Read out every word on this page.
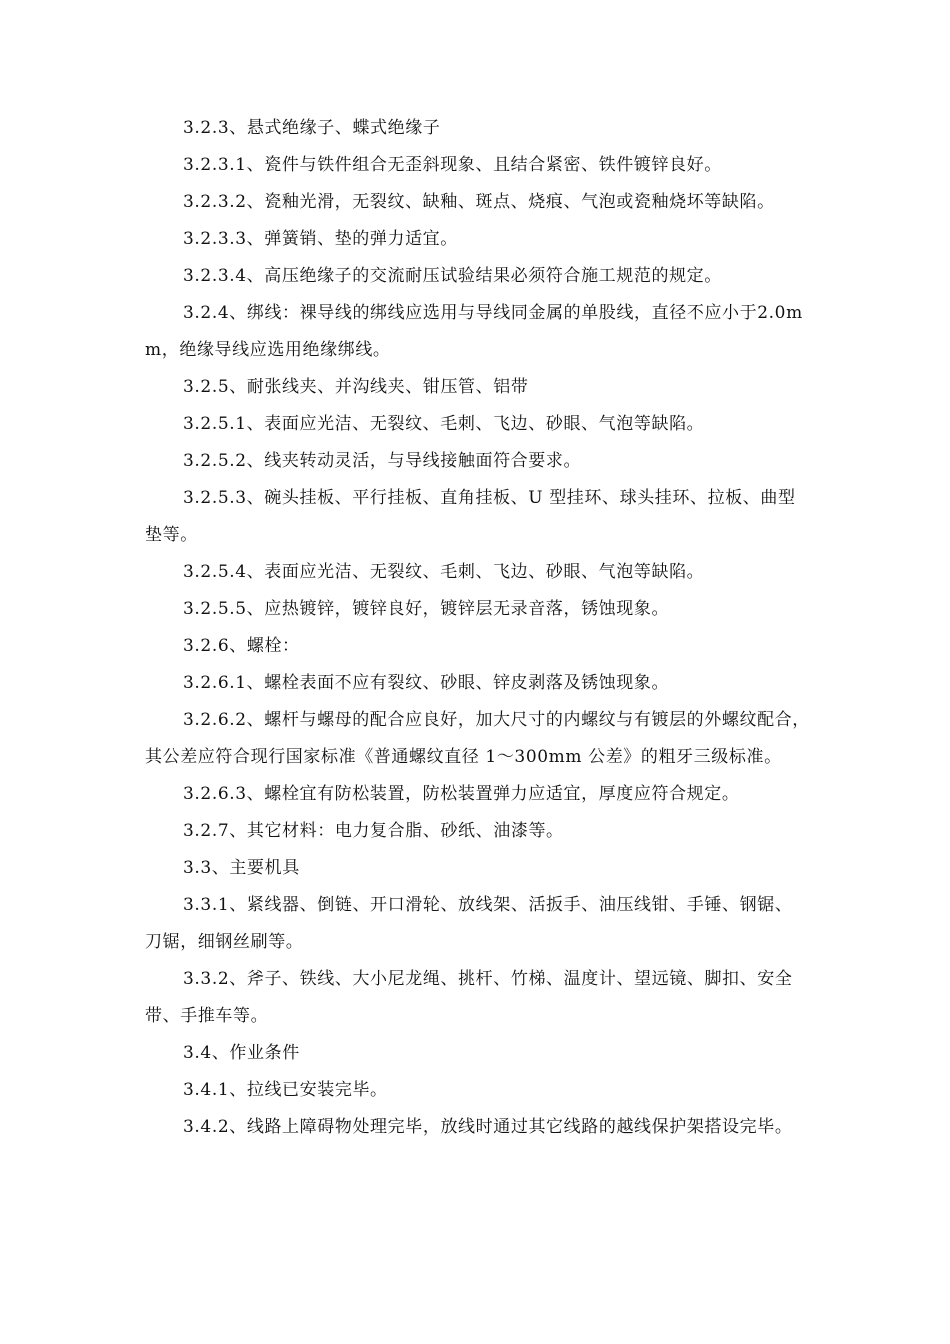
3.2.3、悬式绝缘子、蝶式绝缘子

3.2.3.1、瓷件与铁件组合无歪斜现象、且结合紧密、铁件镀锌良好。

3.2.3.2、瓷釉光滑，无裂纹、缺釉、斑点、烧痕、气泡或瓷釉烧坏等缺陷。

3.2.3.3、弹簧销、垫的弹力适宜。

3.2.3.4、高压绝缘子的交流耐压试验结果必须符合施工规范的规定。

3.2.4、绑线：裸导线的绑线应选用与导线同金属的单股线，直径不应小于2.0mm，绝缘导线应选用绝缘绑线。

3.2.5、耐张线夹、并沟线夹、钳压管、铝带

3.2.5.1、表面应光洁、无裂纹、毛刺、飞边、砂眼、气泡等缺陷。

3.2.5.2、线夹转动灵活，与导线接触面符合要求。

3.2.5.3、碗头挂板、平行挂板、直角挂板、U 型挂环、球头挂环、拉板、曲型垫等。

3.2.5.4、表面应光洁、无裂纹、毛刺、飞边、砂眼、气泡等缺陷。

3.2.5.5、应热镀锌，镀锌良好，镀锌层无录音落，锈蚀现象。

3.2.6、螺栓：

3.2.6.1、螺栓表面不应有裂纹、砂眼、锌皮剥落及锈蚀现象。

3.2.6.2、螺杆与螺母的配合应良好，加大尺寸的内螺纹与有镀层的外螺纹配合，其公差应符合现行国家标准《普通螺纹直径 1～300mm 公差》的粗牙三级标准。

3.2.6.3、螺栓宜有防松装置，防松装置弹力应适宜，厚度应符合规定。

3.2.7、其它材料：电力复合脂、砂纸、油漆等。

3.3、主要机具

3.3.1、紧线器、倒链、开口滑轮、放线架、活扳手、油压线钳、手锤、钢锯、刀锯，细钢丝刷等。

3.3.2、斧子、铁线、大小尼龙绳、挑杆、竹梯、温度计、望远镜、脚扣、安全带、手推车等。

3.4、作业条件

3.4.1、拉线已安装完毕。

3.4.2、线路上障碍物处理完毕，放线时通过其它线路的越线保护架搭设完毕。
